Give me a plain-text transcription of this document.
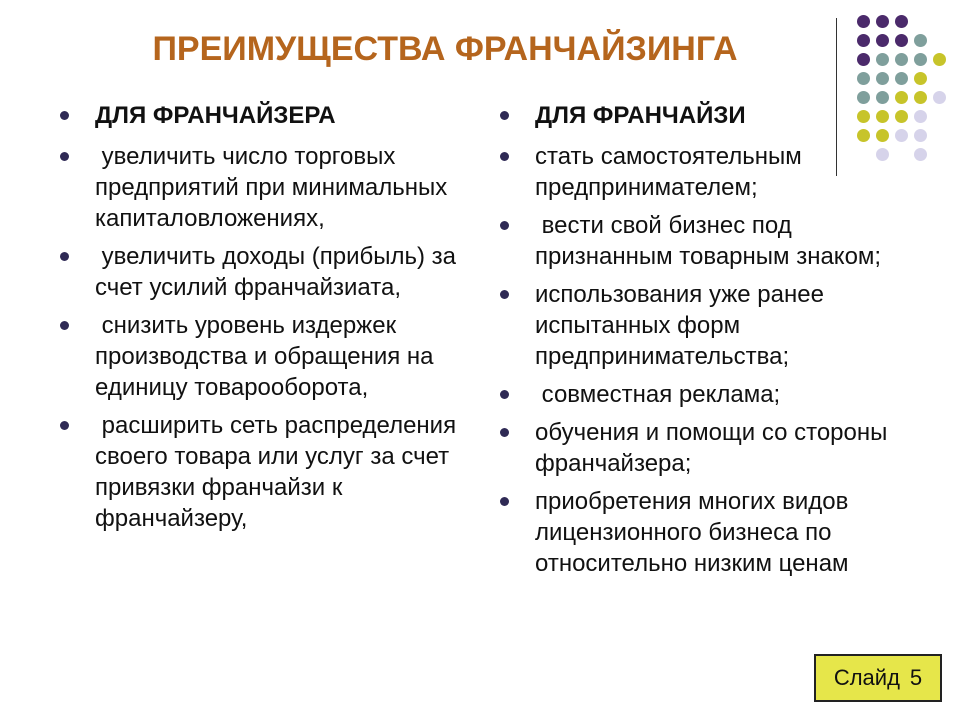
ПРЕИМУЩЕСТВА ФРАНЧАЙЗИНГА
ДЛЯ ФРАНЧАЙЗЕРА
увеличить число торговых предприятий при минимальных капиталовложениях,
увеличить доходы (прибыль) за счет усилий франчайзиата,
снизить уровень издержек производства и обращения на единицу товарооборота,
расширить сеть распределения своего товара или услуг за счет привязки франчайзи к франчайзеру,
ДЛЯ ФРАНЧАЙЗИ
стать самостоятельным предпринимателем;
вести свой бизнес под признанным товарным знаком;
использования уже ранее испытанных форм предпринимательства;
совместная реклама;
обучения и помощи со стороны франчайзера;
приобретения многих видов лицензионного бизнеса по относительно низким ценам
Слайд 5
